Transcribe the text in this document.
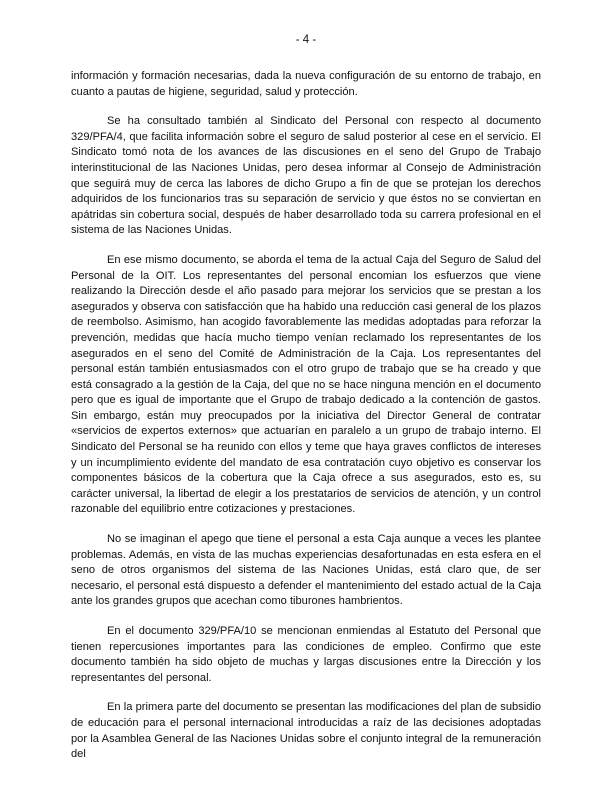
- 4 -

información y formación necesarias, dada la nueva configuración de su entorno de trabajo, en cuanto a pautas de higiene, seguridad, salud y protección.

Se ha consultado también al Sindicato del Personal con respecto al documento 329/PFA/4, que facilita información sobre el seguro de salud posterior al cese en el servicio. El Sindicato tomó nota de los avances de las discusiones en el seno del Grupo de Trabajo interinstitucional de las Naciones Unidas, pero desea informar al Consejo de Administración que seguirá muy de cerca las labores de dicho Grupo a fin de que se protejan los derechos adquiridos de los funcionarios tras su separación de servicio y que éstos no se conviertan en apátridas sin cobertura social, después de haber desarrollado toda su carrera profesional en el sistema de las Naciones Unidas.

En ese mismo documento, se aborda el tema de la actual Caja del Seguro de Salud del Personal de la OIT. Los representantes del personal encomian los esfuerzos que viene realizando la Dirección desde el año pasado para mejorar los servicios que se prestan a los asegurados y observa con satisfacción que ha habido una reducción casi general de los plazos de reembolso. Asimismo, han acogido favorablemente las medidas adoptadas para reforzar la prevención, medidas que hacía mucho tiempo venían reclamado los representantes de los asegurados en el seno del Comité de Administración de la Caja. Los representantes del personal están también entusiasmados con el otro grupo de trabajo que se ha creado y que está consagrado a la gestión de la Caja, del que no se hace ninguna mención en el documento pero que es igual de importante que el Grupo de trabajo dedicado a la contención de gastos. Sin embargo, están muy preocupados por la iniciativa del Director General de contratar «servicios de expertos externos» que actuarían en paralelo a un grupo de trabajo interno. El Sindicato del Personal se ha reunido con ellos y teme que haya graves conflictos de intereses y un incumplimiento evidente del mandato de esa contratación cuyo objetivo es conservar los componentes básicos de la cobertura que la Caja ofrece a sus asegurados, esto es, su carácter universal, la libertad de elegir a los prestatarios de servicios de atención, y un control razonable del equilibrio entre cotizaciones y prestaciones.

No se imaginan el apego que tiene el personal a esta Caja aunque a veces les plantee problemas. Además, en vista de las muchas experiencias desafortunadas en esta esfera en el seno de otros organismos del sistema de las Naciones Unidas, está claro que, de ser necesario, el personal está dispuesto a defender el mantenimiento del estado actual de la Caja ante los grandes grupos que acechan como tiburones hambrientos.

En el documento 329/PFA/10 se mencionan enmiendas al Estatuto del Personal que tienen repercusiones importantes para las condiciones de empleo. Confirmo que este documento también ha sido objeto de muchas y largas discusiones entre la Dirección y los representantes del personal.

En la primera parte del documento se presentan las modificaciones del plan de subsidio de educación para el personal internacional introducidas a raíz de las decisiones adoptadas por la Asamblea General de las Naciones Unidas sobre el conjunto integral de la remuneración del
